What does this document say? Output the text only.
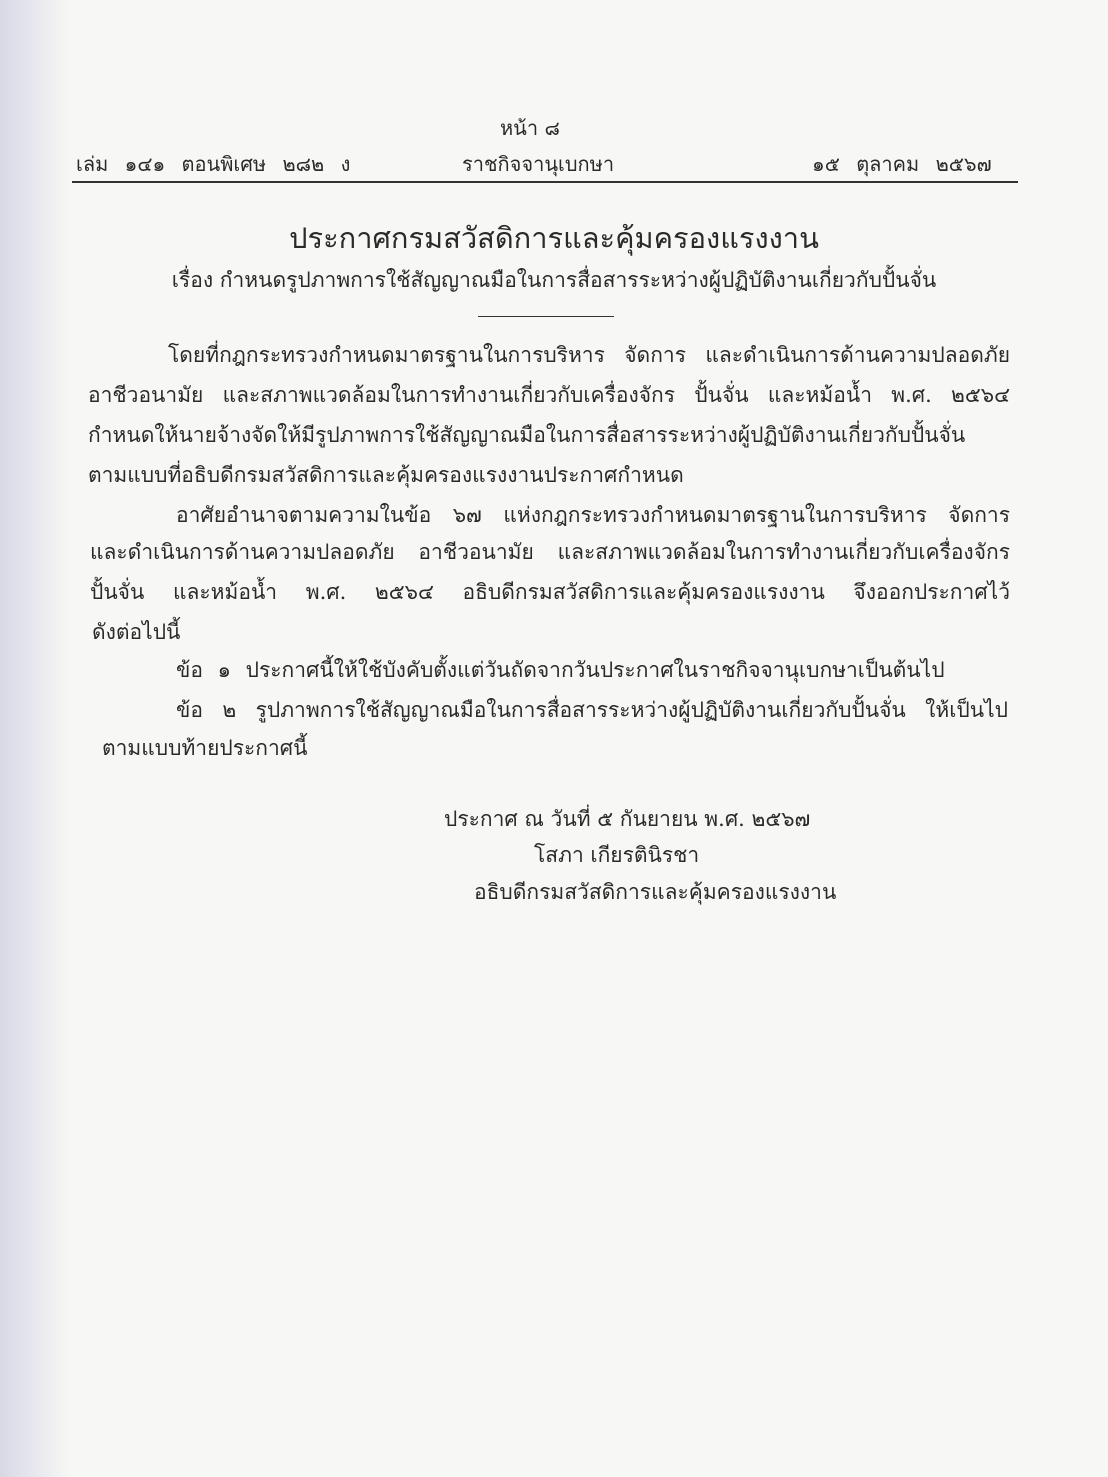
หน้า ๘
เล่ม ๑๔๑ ตอนพิเศษ ๒๘๒ ง	ราชกิจจานุเบกษา	๑๕ ตุลาคม ๒๕๖๗
ประกาศกรมสวัสดิการและคุ้มครองแรงงาน
เรื่อง กำหนดรูปภาพการใช้สัญญาณมือในการสื่อสารระหว่างผู้ปฏิบัติงานเกี่ยวกับปั้นจั่น
โดยที่กฎกระทรวงกำหนดมาตรฐานในการบริหาร จัดการ และดำเนินการด้านความปลอดภัย
อาชีวอนามัย และสภาพแวดล้อมในการทำงานเกี่ยวกับเครื่องจักร ปั้นจั่น และหม้อน้ำ พ.ศ. ๒๕๖๔
กำหนดให้นายจ้างจัดให้มีรูปภาพการใช้สัญญาณมือในการสื่อสารระหว่างผู้ปฏิบัติงานเกี่ยวกับปั้นจั่น
ตามแบบที่อธิบดีกรมสวัสดิการและคุ้มครองแรงงานประกาศกำหนด
อาศัยอำนาจตามความในข้อ ๖๗ แห่งกฎกระทรวงกำหนดมาตรฐานในการบริหาร จัดการ
และดำเนินการด้านความปลอดภัย อาชีวอนามัย และสภาพแวดล้อมในการทำงานเกี่ยวกับเครื่องจักร
ปั้นจั่น และหม้อน้ำ พ.ศ. ๒๕๖๔ อธิบดีกรมสวัสดิการและคุ้มครองแรงงาน จึงออกประกาศไว้
ดังต่อไปนี้
ข้อ ๑ ประกาศนี้ให้ใช้บังคับตั้งแต่วันถัดจากวันประกาศในราชกิจจานุเบกษาเป็นต้นไป
ข้อ ๒ รูปภาพการใช้สัญญาณมือในการสื่อสารระหว่างผู้ปฏิบัติงานเกี่ยวกับปั้นจั่น ให้เป็นไป
ตามแบบท้ายประกาศนี้
ประกาศ ณ วันที่ ๕ กันยายน พ.ศ. ๒๕๖๗
โสภา เกียรตินิรชา
อธิบดีกรมสวัสดิการและคุ้มครองแรงงาน
